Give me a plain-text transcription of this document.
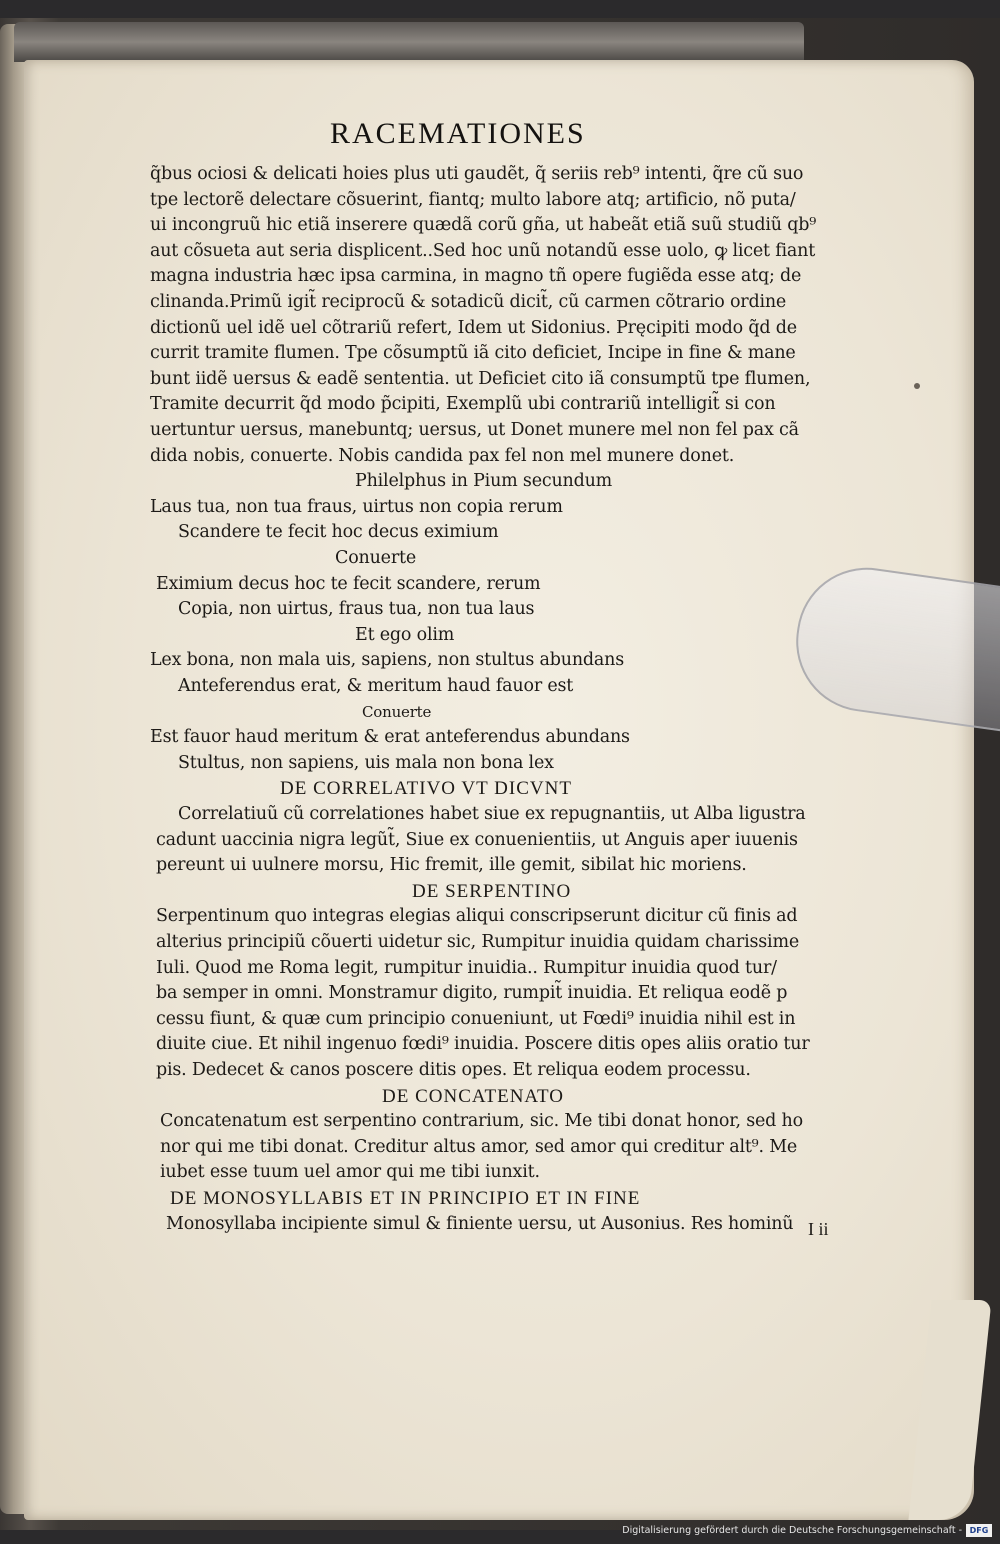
RACEMATIONES
q̃bus ociosi & delicati hoies plus uti gaudẽt, q̃ seriis reb⁹ intenti, q̃re cũ suo
tpe lectorẽ delectare cõsuerint, fiantq; multo labore atq; artificio, nõ puta/
ui incongruũ hic etiã inserere quædã corũ gña, ut habeãt etiã suũ studiũ qb⁹
aut cõsueta aut seria displicent..Sed hoc unũ notandũ esse uolo, ꝙ licet fiant
magna industria hæc ipsa carmina, in magno tñ opere fugiẽda esse atq; de
clinanda.Primũ igit̃ reciprocũ & sotadicũ dicit̃, cũ carmen cõtrario ordine
dictionũ uel idẽ uel cõtrariũ refert, Idem ut Sidonius. Pręcipiti modo q̃d de
currit tramite flumen. Tpe cõsumptũ iã cito deficiet, Incipe in fine & mane
bunt iidẽ uersus & eadẽ sententia. ut Deficiet cito iã consumptũ tpe flumen,
Tramite decurrit q̃d modo p̃cipiti, Exemplũ ubi contrariũ intelligit̃ si con
uertuntur uersus, manebuntq; uersus, ut Donet munere mel non fel pax cã
dida nobis, conuerte. Nobis candida pax fel non mel munere donet.
Philelphus in Pium secundum
Laus tua, non tua fraus, uirtus non copia rerum
Scandere te fecit hoc decus eximium
Conuerte
Eximium decus hoc te fecit scandere, rerum
Copia, non uirtus, fraus tua, non tua laus
Et ego olim
Lex bona, non mala uis, sapiens, non stultus abundans
Anteferendus erat, & meritum haud fauor est
Conuerte
Est fauor haud meritum & erat anteferendus abundans
Stultus, non sapiens, uis mala non bona lex
DE CORRELATIVO VT DICVNT
Correlatiuũ cũ correlationes habet siue ex repugnantiis, ut Alba ligustra
cadunt uaccinia nigra legũt̃, Siue ex conuenientiis, ut Anguis aper iuuenis
pereunt ui uulnere morsu, Hic fremit, ille gemit, sibilat hic moriens.
DE SERPENTINO
Serpentinum quo integras elegias aliqui conscripserunt dicitur cũ finis ad
alterius principiũ cõuerti uidetur sic, Rumpitur inuidia quidam charissime
Iuli. Quod me Roma legit, rumpitur inuidia.. Rumpitur inuidia quod tur/
ba semper in omni. Monstramur digito, rumpit̃ inuidia. Et reliqua eodẽ p
cessu fiunt, & quæ cum principio conueniunt, ut Fœdi⁹ inuidia nihil est in
diuite ciue. Et nihil ingenuo fœdi⁹ inuidia. Poscere ditis opes aliis oratio tur
pis. Dedecet & canos poscere ditis opes. Et reliqua eodem processu.
DE CONCATENATO
Concatenatum est serpentino contrarium, sic. Me tibi donat honor, sed ho
nor qui me tibi donat. Creditur altus amor, sed amor qui creditur alt⁹. Me
iubet esse tuum uel amor qui me tibi iunxit.
DE MONOSYLLABIS ET IN PRINCIPIO ET IN FINE
Monosyllaba incipiente simul & finiente uersu, ut Ausonius. Res hominũ I ii
Digitalisierung gefördert durch die Deutsche Forschungsgemeinschaft - DFG
